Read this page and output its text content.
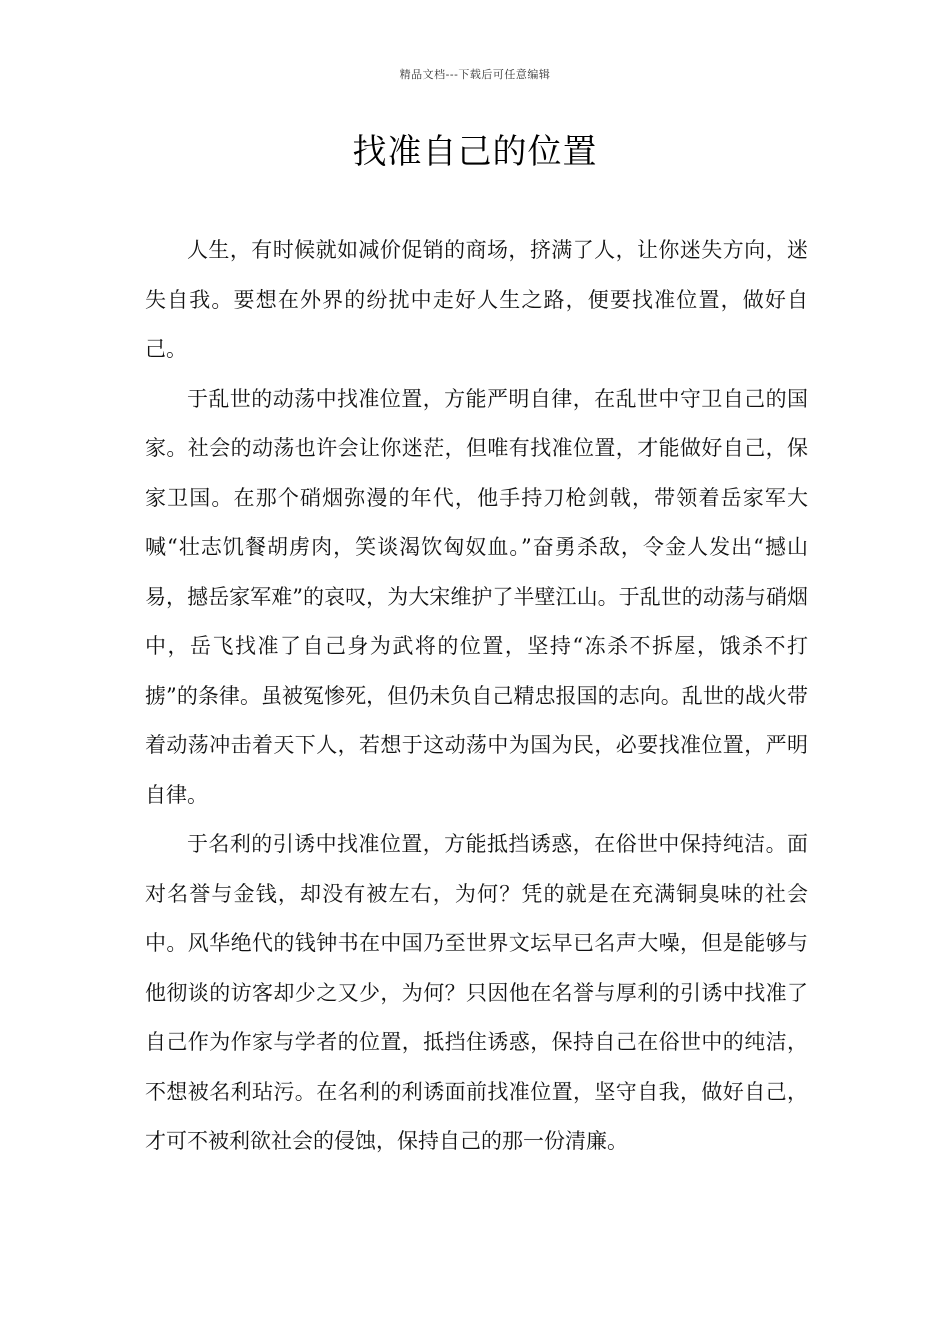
精品文档---下载后可任意编辑
找准自己的位置

人生，有时候就如减价促销的商场，挤满了人，让你迷失方向，迷失自我。要想在外界的纷扰中走好人生之路，便要找准位置，做好自己。

于乱世的动荡中找准位置，方能严明自律，在乱世中守卫自己的国家。社会的动荡也许会让你迷茫，但唯有找准位置，才能做好自己，保家卫国。在那个硝烟弥漫的年代，他手持刀枪剑戟，带领着岳家军大喊“壮志饥餐胡虏肉，笑谈渴饮匈奴血。”奋勇杀敌，令金人发出“撼山易，撼岳家军难”的哀叹，为大宋维护了半壁江山。于乱世的动荡与硝烟中，岳飞找准了自己身为武将的位置，坚持“冻杀不拆屋，饿杀不打掳”的条律。虽被冤惨死，但仍未负自己精忠报国的志向。乱世的战火带着动荡冲击着天下人，若想于这动荡中为国为民，必要找准位置，严明自律。

于名利的引诱中找准位置，方能抵挡诱惑，在俗世中保持纯洁。面对名誉与金钱，却没有被左右，为何？凭的就是在充满铜臭味的社会中。风华绝代的钱钟书在中国乃至世界文坛早已名声大噪，但是能够与他彻谈的访客却少之又少，为何？只因他在名誉与厚利的引诱中找准了自己作为作家与学者的位置，抵挡住诱惑，保持自己在俗世中的纯洁，不想被名利玷污。在名利的利诱面前找准位置，坚守自我，做好自己，才可不被利欲社会的侵蚀，保持自己的那一份清廉。
